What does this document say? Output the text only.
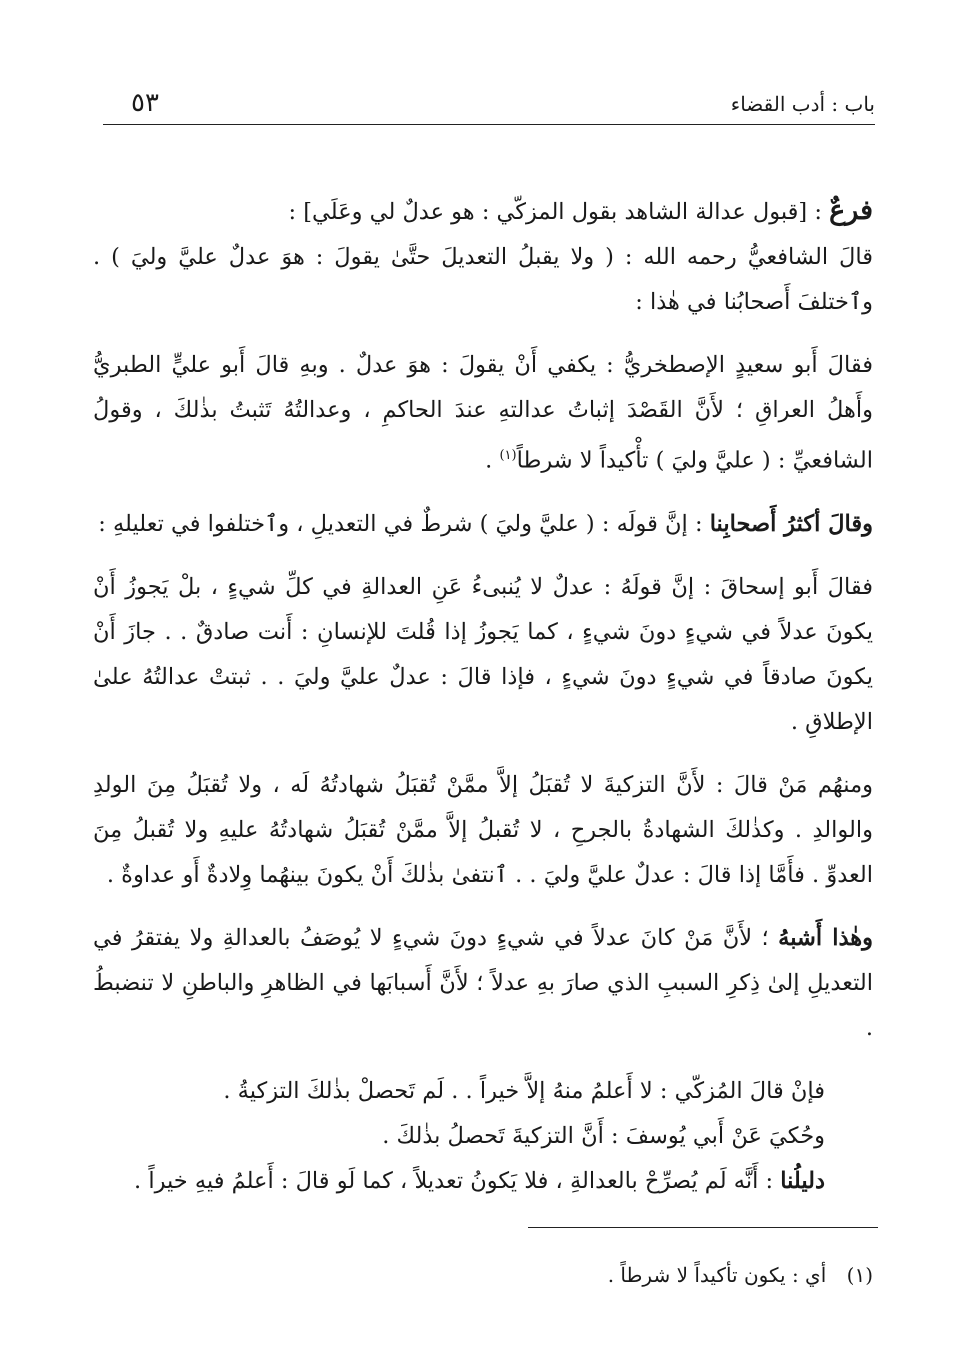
باب : أدب القضاء
٥٣

فرعٌ : [قبول عدالة الشاهد بقول المزكّي : هو عدلٌ لي وعَلَي] :

قالَ الشافعيُّ رحمه الله : ( ولا يقبلُ التعديلَ حتَّىٰ يقولَ : هوَ عدلٌ عليَّ وليَ ) . وٱختلفَ أَصحابُنا في هٰذا :

فقالَ أَبو سعيدٍ الإصطخريُّ : يكفي أَنْ يقولَ : هوَ عدلٌ . وبهِ قالَ أَبو عليٍّ الطبريُّ وأَهلُ العراقِ ؛ لأَنَّ القَصْدَ إثباتُ عدالتهِ عندَ الحاكمِ ، وعدالتُهُ تَثبتُ بذٰلكَ ، وقولُ الشافعيِّ : ( عليَّ وليَ ) تأْكيداً لا شرطاً$^{(١)}$ .

وقالَ أكثرُ أَصحابِنا : إنَّ قولَه : ( عليَّ وليَ ) شرطٌ في التعديلِ ، وٱختلفوا في تعليلهِ :

فقالَ أَبو إسحاقَ : إنَّ قولَهُ : عدلٌ لا يُنبىءُ عَنِ العدالةِ في كلِّ شيءٍ ، بلْ يَجوزُ أَنْ يكونَ عدلاً في شيءٍ دونَ شيءٍ ، كما يَجوزُ إذا قُلتَ للإنسانِ : أَنت صادقٌ . . جازَ أَنْ يكونَ صادقاً في شيءٍ دونَ شيءٍ ، فإذا قالَ : عدلٌ عليَّ وليَ . . ثبتتْ عدالتُهُ علىٰ الإطلاقِ .

ومنهُم مَنْ قالَ : لأَنَّ التزكيةَ لا تُقبَلُ إلاَّ ممَّنْ تُقبَلُ شهادتُهُ لَه ، ولا تُقبَلُ مِنَ الولدِ والوالدِ . وكذٰلكَ الشهادةُ بالجرحِ ، لا تُقبلُ إلاَّ ممَّنْ تُقبَلُ شهادتُهُ عليهِ ولا تُقبلُ مِنَ العدوِّ . فأَمَّا إذا قالَ : عدلٌ عليَّ وليَ . . ٱنتفىٰ بذٰلكَ أَنْ يكونَ بينهُما وِلادةٌ أَو عداوةٌ .

وهٰذا أَشبهُ ؛ لأَنَّ مَنْ كانَ عدلاً في شيءٍ دونَ شيءٍ لا يُوصَفُ بالعدالةِ ولا يفتقرُ في التعديلِ إلىٰ ذِكرِ السببِ الذي صارَ بهِ عدلاً ؛ لأَنَّ أَسبابَها في الظاهرِ والباطنِ لا تنضبطُ .

فإنْ قالَ المُزكّي : لا أَعلمُ منهُ إلاَّ خيراً . . لَم تَحصلْ بذٰلكَ التزكيةُ .

وحُكيَ عَنْ أَبي يُوسفَ : أَنَّ التزكيةَ تَحصلُ بذٰلكَ .

دليلُنا : أَنَّه لَم يُصرِّحْ بالعدالةِ ، فلا يَكونُ تعديلاً ، كما لَو قالَ : أَعلمُ فيهِ خيراً .

(١) أي : يكون تأكيداً لا شرطاً .
